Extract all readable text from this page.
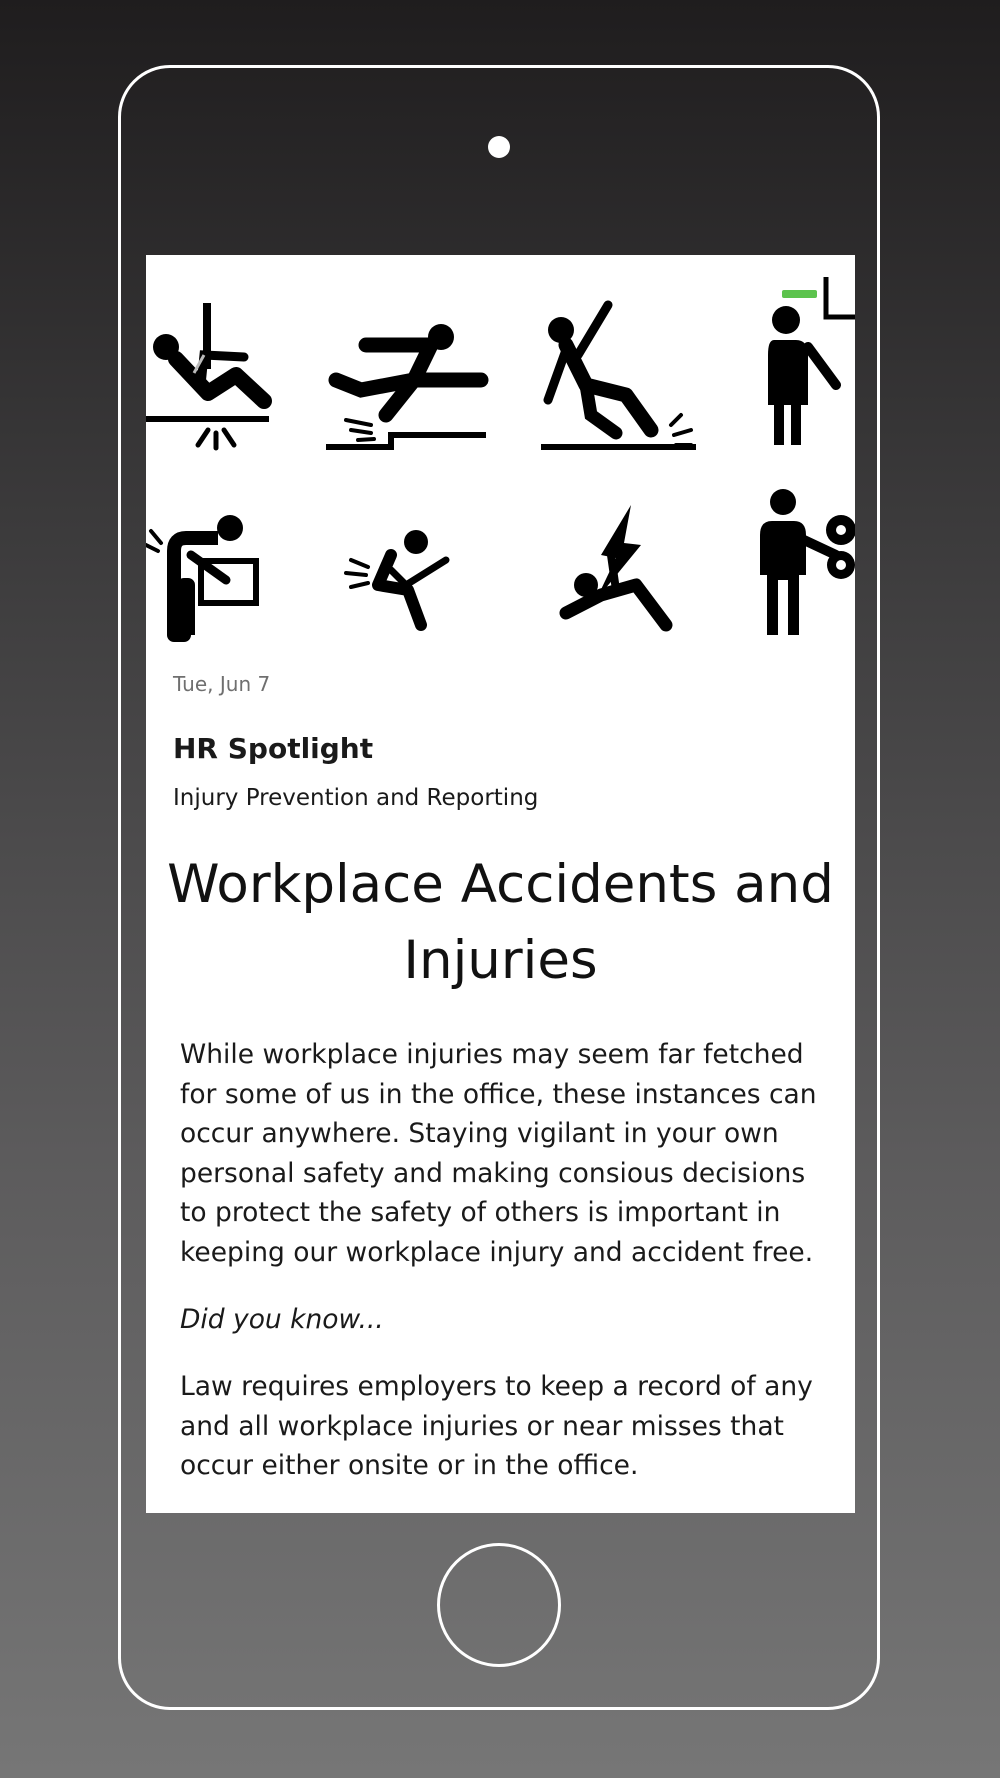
Tue, Jun 7
HR Spotlight
Injury Prevention and Reporting
Workplace Accidents and Injuries
While workplace injuries may seem far fetched for some of us in the office, these instances can occur anywhere. Staying vigilant in your own personal safety and making consious decisions to protect the safety of others is important in keeping our workplace injury and accident free.
Did you know...
Law requires employers to keep a record of any and all workplace injuries or near misses that occur either onsite or in the office.
